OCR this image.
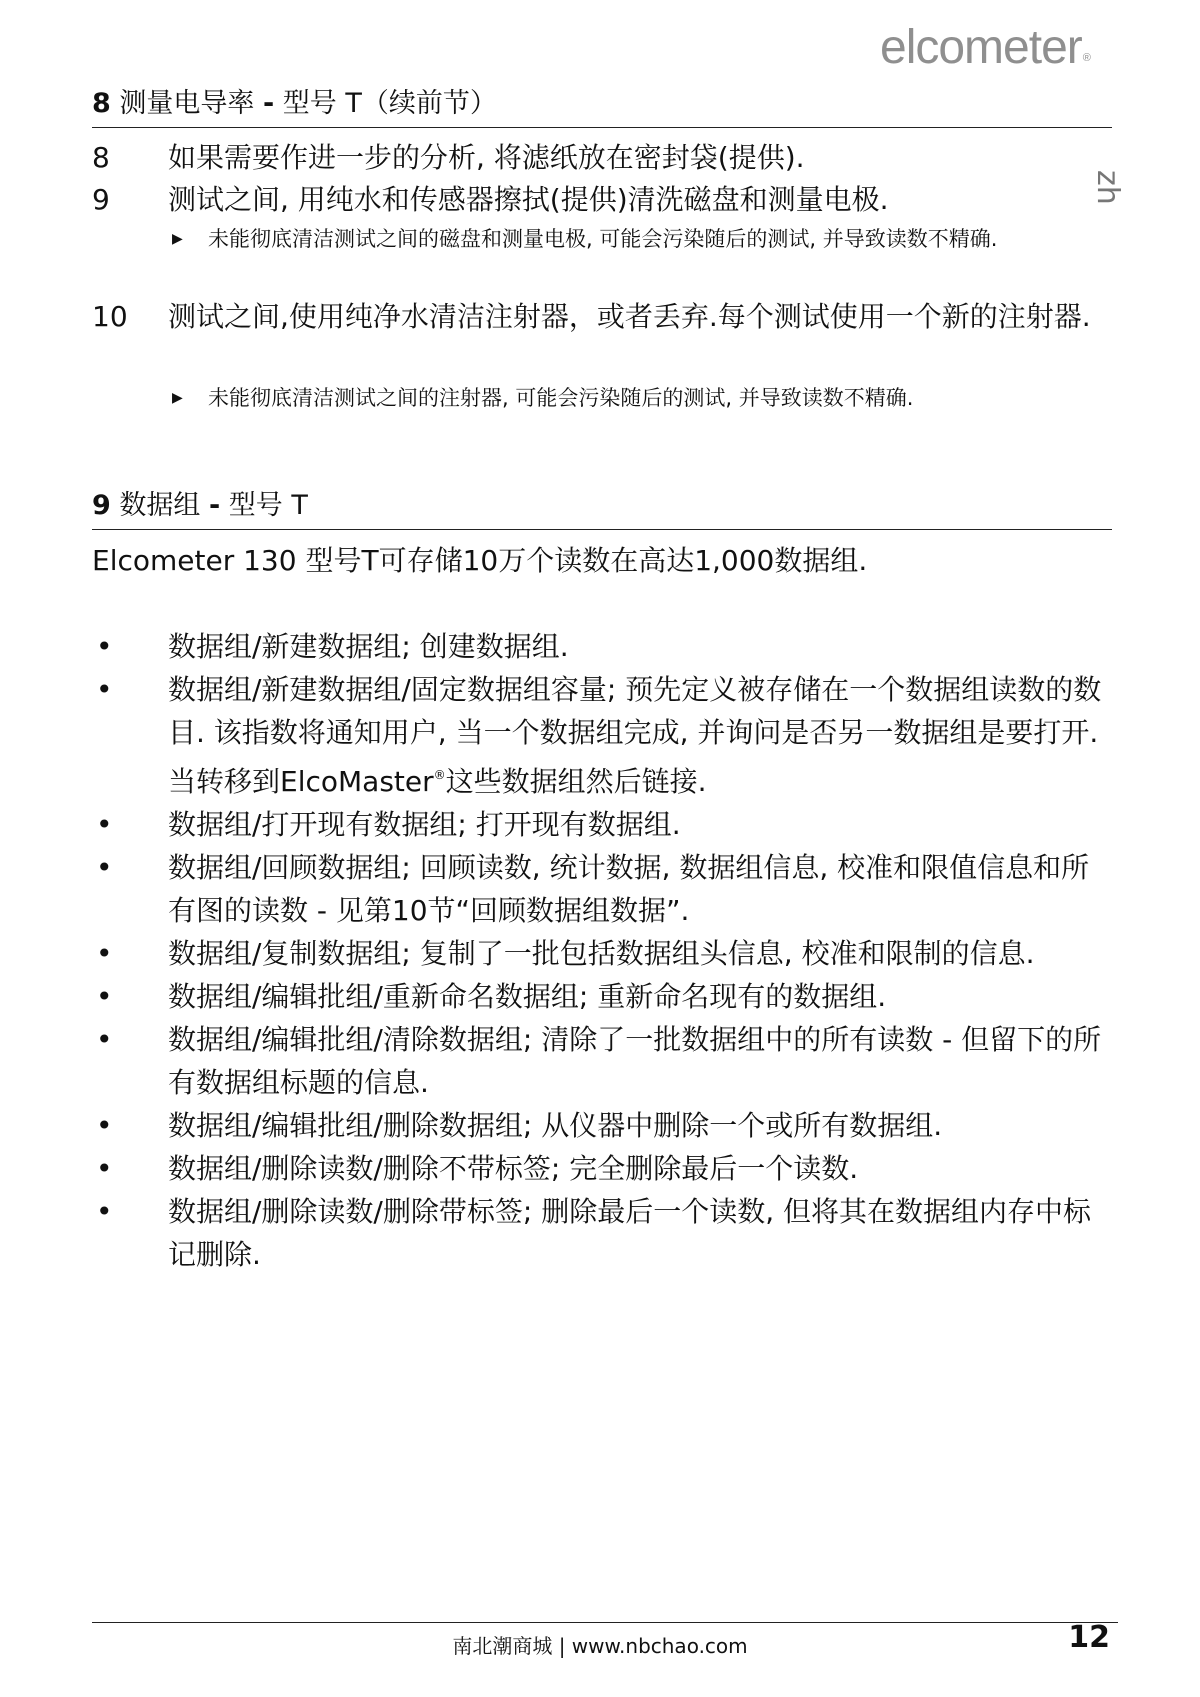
elcometer®
zh
8 测量电导率 - 型号 T（续前节）
8 如果需要作进一步的分析, 将滤纸放在密封袋(提供).
9 测试之间, 用纯水和传感器擦拭(提供)清洗磁盘和测量电极.
▶ 未能彻底清洁测试之间的磁盘和测量电极, 可能会污染随后的测试, 并导致读数不精确.
10 测试之间,使用纯净水清洁注射器，或者丢弃.每个测试使用一个新的注射器.
▶ 未能彻底清洁测试之间的注射器, 可能会污染随后的测试, 并导致读数不精确.
9 数据组 - 型号 T
Elcometer 130 型号T可存储10万个读数在高达1,000数据组.
• 数据组/新建数据组; 创建数据组.
• 数据组/新建数据组/固定数据组容量; 预先定义被存储在一个数据组读数的数目. 该指数将通知用户, 当一个数据组完成, 并询问是否另一数据组是要打开. 当转移到ElcoMaster®这些数据组然后链接.
• 数据组/打开现有数据组; 打开现有数据组.
• 数据组/回顾数据组; 回顾读数, 统计数据, 数据组信息, 校准和限值信息和所有图的读数 - 见第10节“回顾数据组数据”.
• 数据组/复制数据组; 复制了一批包括数据组头信息, 校准和限制的信息.
• 数据组/编辑批组/重新命名数据组; 重新命名现有的数据组.
• 数据组/编辑批组/清除数据组; 清除了一批数据组中的所有读数 - 但留下的所有数据组标题的信息.
• 数据组/编辑批组/删除数据组; 从仪器中删除一个或所有数据组.
• 数据组/删除读数/删除不带标签; 完全删除最后一个读数.
• 数据组/删除读数/删除带标签; 删除最后一个读数, 但将其在数据组内存中标记删除.
南北潮商城 | www.nbchao.com	12
